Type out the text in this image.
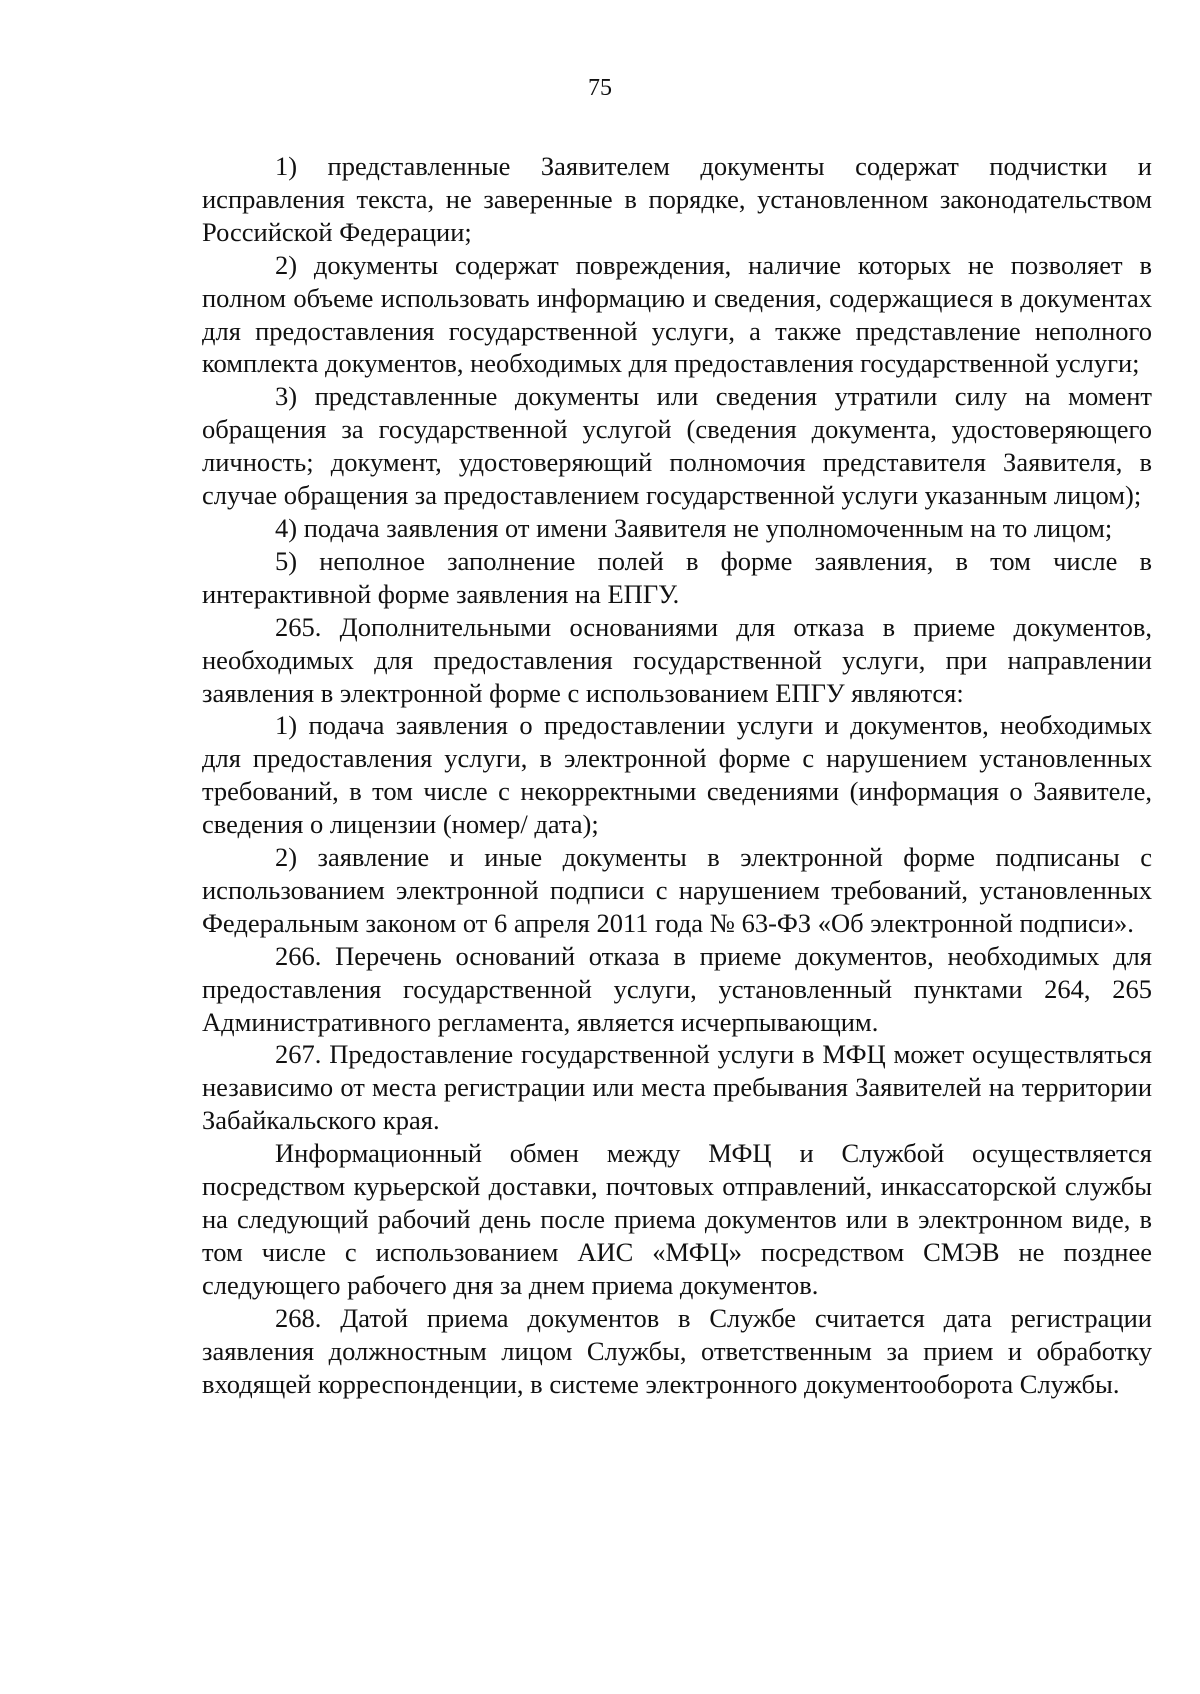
75

1) представленные Заявителем документы содержат подчистки и исправления текста, не заверенные в порядке, установленном законодательством Российской Федерации;

2) документы содержат повреждения, наличие которых не позволяет в полном объеме использовать информацию и сведения, содержащиеся в документах для предоставления государственной услуги, а также представление неполного комплекта документов, необходимых для предоставления государственной услуги;

3) представленные документы или сведения утратили силу на момент обращения за государственной услугой (сведения документа, удостоверяющего личность; документ, удостоверяющий полномочия представителя Заявителя, в случае обращения за предоставлением государственной услуги указанным лицом);

4) подача заявления от имени Заявителя не уполномоченным на то лицом;

5) неполное заполнение полей в форме заявления, в том числе в интерактивной форме заявления на ЕПГУ.

265. Дополнительными основаниями для отказа в приеме документов, необходимых для предоставления государственной услуги, при направлении заявления в электронной форме с использованием ЕПГУ являются:

1) подача заявления о предоставлении услуги и документов, необходимых для предоставления услуги, в электронной форме с нарушением установленных требований, в том числе с некорректными сведениями (информация о Заявителе, сведения о лицензии (номер/ дата);

2) заявление и иные документы в электронной форме подписаны с использованием электронной подписи с нарушением требований, установленных Федеральным законом от 6 апреля 2011 года № 63-ФЗ «Об электронной подписи».

266. Перечень оснований отказа в приеме документов, необходимых для предоставления государственной услуги, установленный пунктами 264, 265 Административного регламента, является исчерпывающим.

267. Предоставление государственной услуги в МФЦ может осуществляться независимо от места регистрации или места пребывания Заявителей на территории Забайкальского края.

Информационный обмен между МФЦ и Службой осуществляется посредством курьерской доставки, почтовых отправлений, инкассаторской службы на следующий рабочий день после приема документов или в электронном виде, в том числе с использованием АИС «МФЦ» посредством СМЭВ не позднее следующего рабочего дня за днем приема документов.

268. Датой приема документов в Службе считается дата регистрации заявления должностным лицом Службы, ответственным за прием и обработку входящей корреспонденции, в системе электронного документооборота Службы.
